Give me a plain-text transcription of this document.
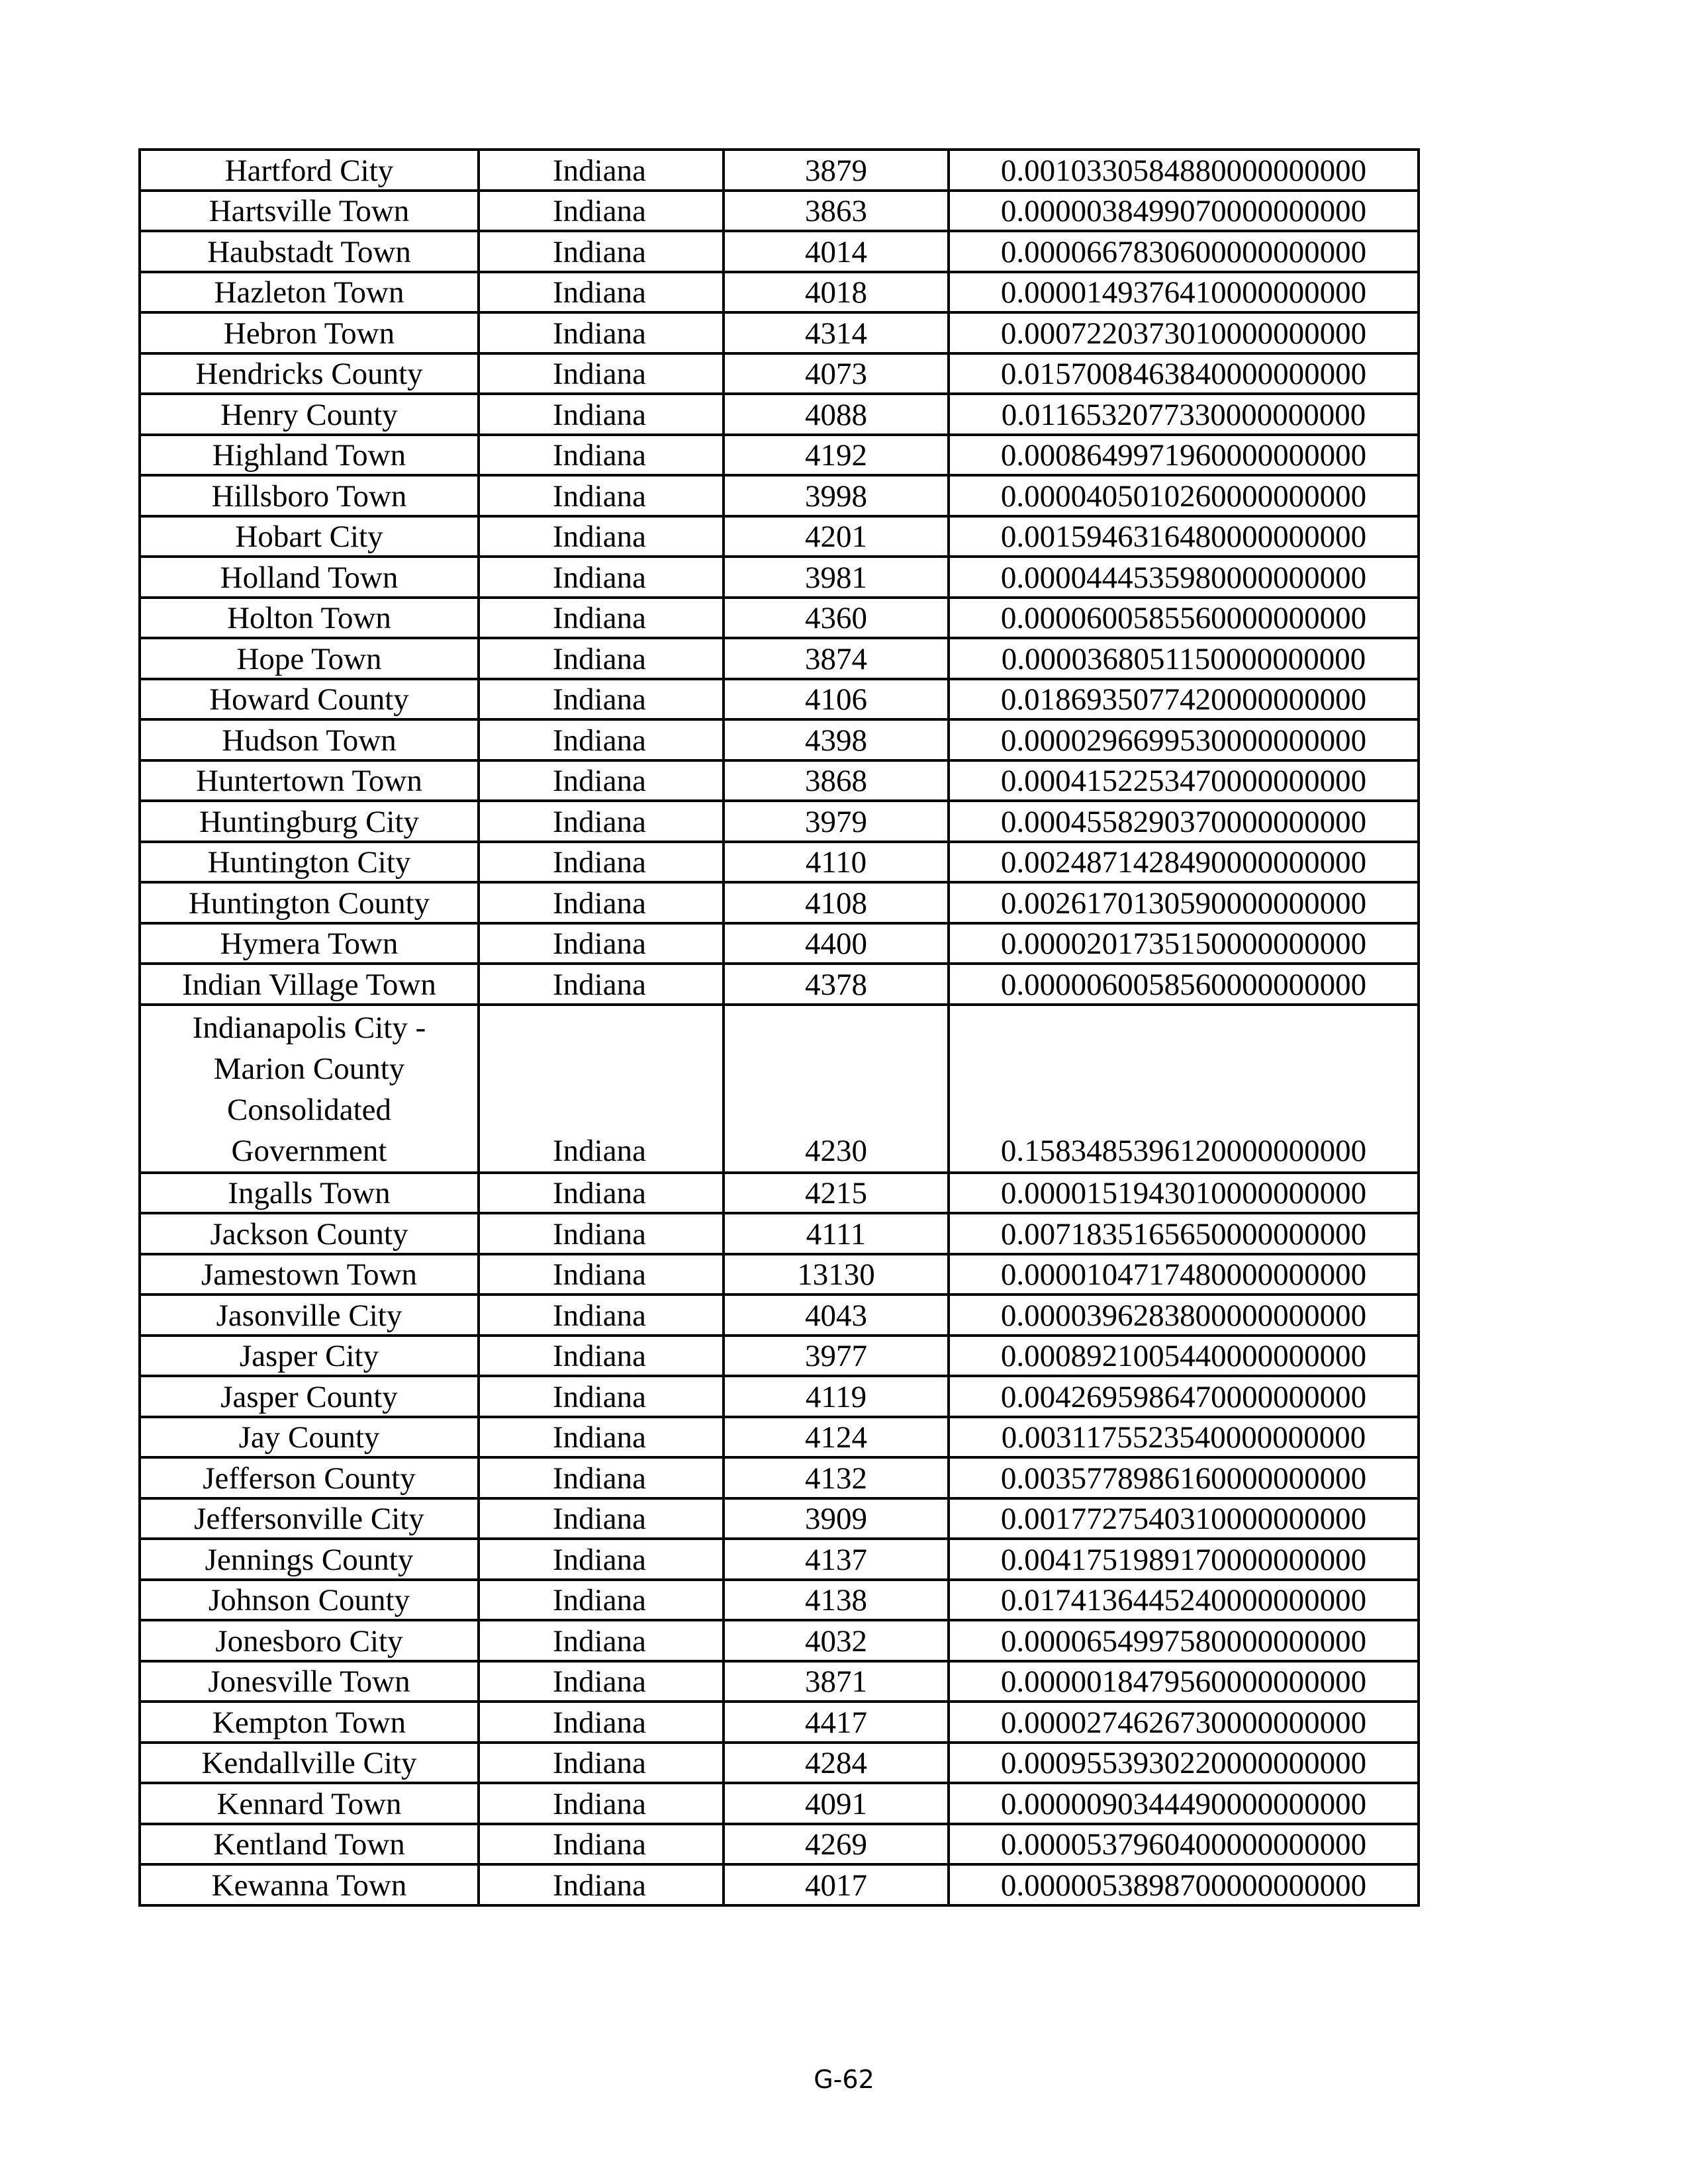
Hartford City	Indiana	3879	0.0010330584880000000000
Hartsville Town	Indiana	3863	0.0000038499070000000000
Haubstadt Town	Indiana	4014	0.0000667830600000000000
Hazleton Town	Indiana	4018	0.0000149376410000000000
Hebron Town	Indiana	4314	0.0007220373010000000000
Hendricks County	Indiana	4073	0.0157008463840000000000
Henry County	Indiana	4088	0.0116532077330000000000
Highland Town	Indiana	4192	0.0008649971960000000000
Hillsboro Town	Indiana	3998	0.0000405010260000000000
Hobart City	Indiana	4201	0.0015946316480000000000
Holland Town	Indiana	3981	0.0000444535980000000000
Holton Town	Indiana	4360	0.0000600585560000000000
Hope Town	Indiana	3874	0.0000368051150000000000
Howard County	Indiana	4106	0.0186935077420000000000
Hudson Town	Indiana	4398	0.0000296699530000000000
Huntertown Town	Indiana	3868	0.0004152253470000000000
Huntingburg City	Indiana	3979	0.0004558290370000000000
Huntington City	Indiana	4110	0.0024871428490000000000
Huntington County	Indiana	4108	0.0026170130590000000000
Hymera Town	Indiana	4400	0.0000201735150000000000
Indian Village Town	Indiana	4378	0.0000060058560000000000
Indianapolis City - Marion County Consolidated Government	Indiana	4230	0.1583485396120000000000
Ingalls Town	Indiana	4215	0.0000151943010000000000
Jackson County	Indiana	4111	0.0071835165650000000000
Jamestown Town	Indiana	13130	0.0000104717480000000000
Jasonville City	Indiana	4043	0.0000396283800000000000
Jasper City	Indiana	3977	0.0008921005440000000000
Jasper County	Indiana	4119	0.0042695986470000000000
Jay County	Indiana	4124	0.0031175523540000000000
Jefferson County	Indiana	4132	0.0035778986160000000000
Jeffersonville City	Indiana	3909	0.0017727540310000000000
Jennings County	Indiana	4137	0.0041751989170000000000
Johnson County	Indiana	4138	0.0174136445240000000000
Jonesboro City	Indiana	4032	0.0000654997580000000000
Jonesville Town	Indiana	3871	0.0000018479560000000000
Kempton Town	Indiana	4417	0.0000274626730000000000
Kendallville City	Indiana	4284	0.0009553930220000000000
Kennard Town	Indiana	4091	0.0000090344490000000000
Kentland Town	Indiana	4269	0.0000537960400000000000
Kewanna Town	Indiana	4017	0.0000053898700000000000
G-62
